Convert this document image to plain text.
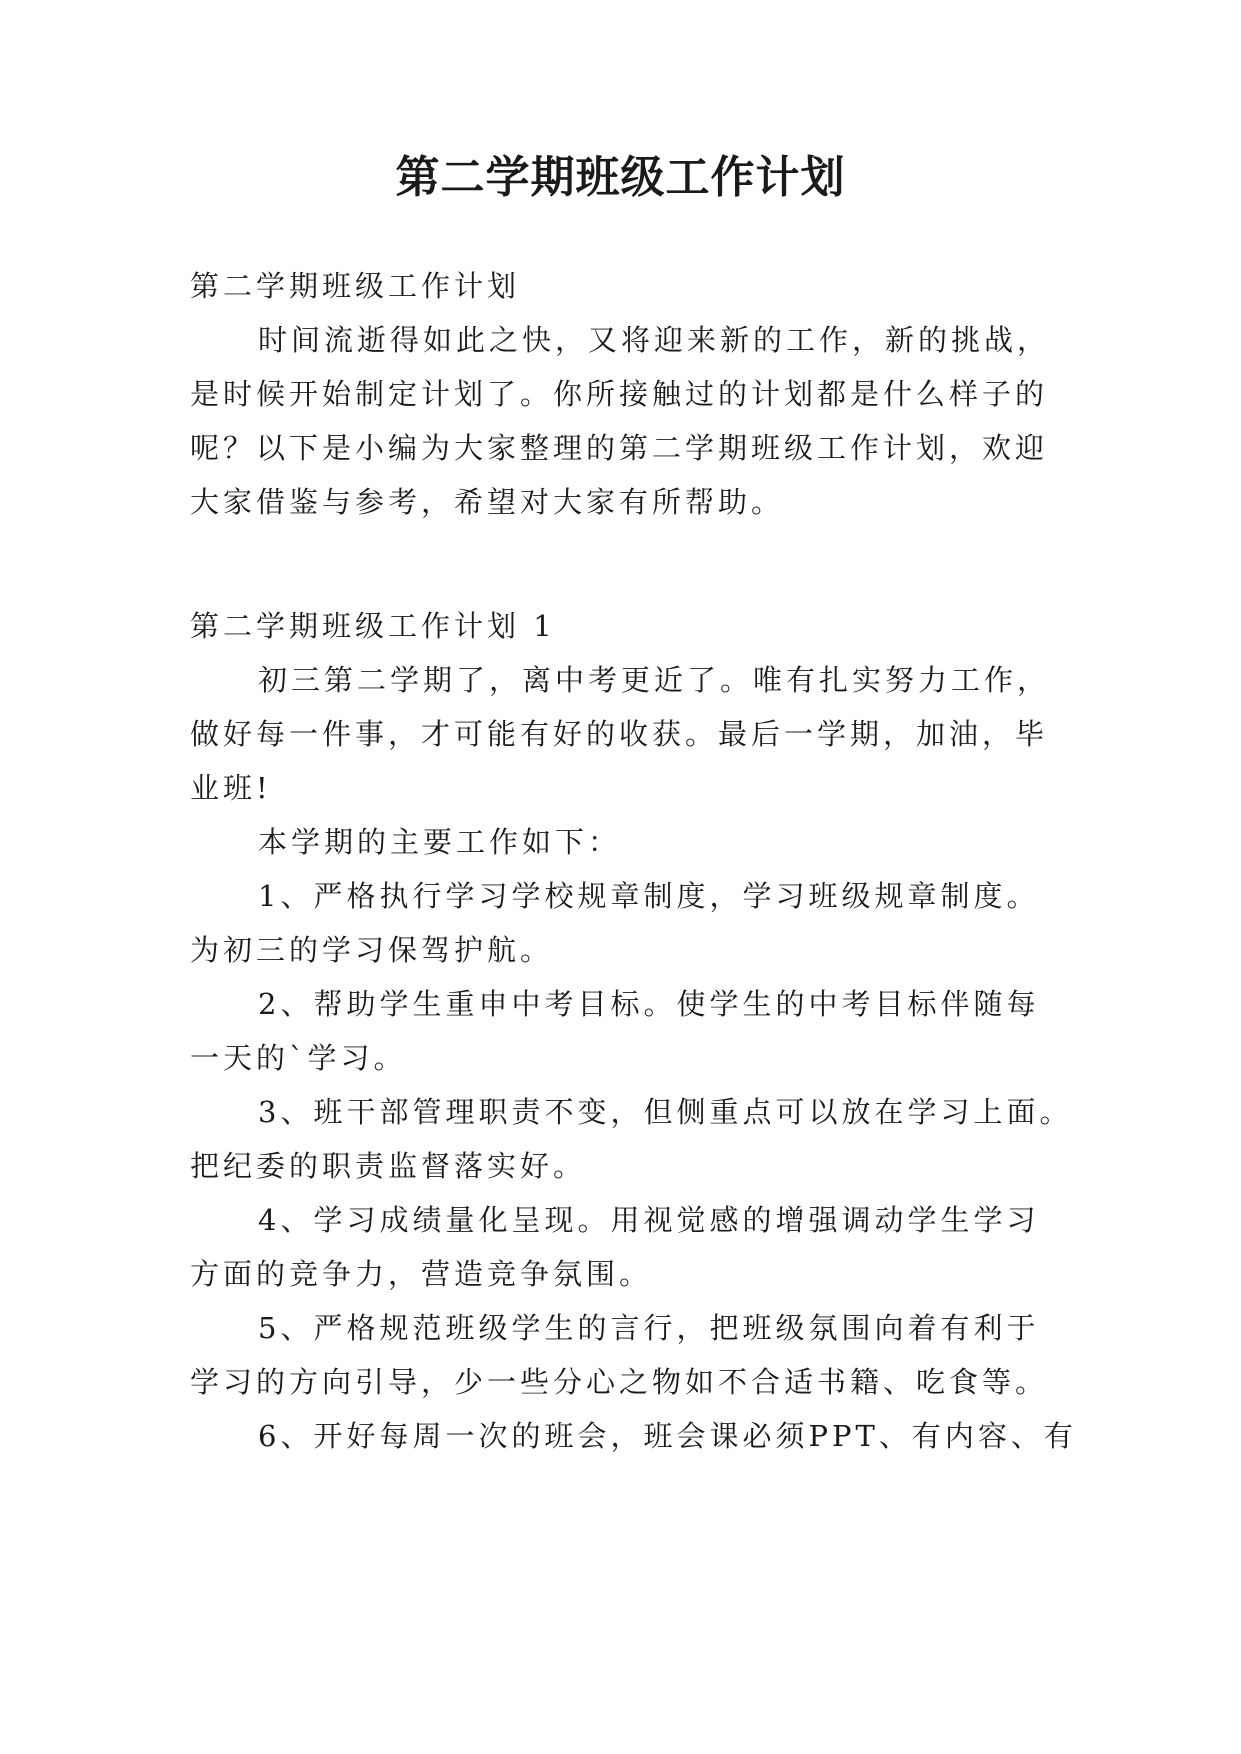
第二学期班级工作计划

第二学期班级工作计划

时间流逝得如此之快，又将迎来新的工作，新的挑战，

是时候开始制定计划了。你所接触过的计划都是什么样子的

呢？以下是小编为大家整理的第二学期班级工作计划，欢迎

大家借鉴与参考，希望对大家有所帮助。

第二学期班级工作计划 1

初三第二学期了，离中考更近了。唯有扎实努力工作，

做好每一件事，才可能有好的收获。最后一学期，加油，毕

业班!

本学期的主要工作如下：

1、严格执行学习学校规章制度，学习班级规章制度。

为初三的学习保驾护航。

2、帮助学生重申中考目标。使学生的中考目标伴随每

一天的`学习。

3、班干部管理职责不变，但侧重点可以放在学习上面。

把纪委的职责监督落实好。

4、学习成绩量化呈现。用视觉感的增强调动学生学习

方面的竞争力，营造竞争氛围。

5、严格规范班级学生的言行，把班级氛围向着有利于

学习的方向引导，少一些分心之物如不合适书籍、吃食等。

6、开好每周一次的班会，班会课必须PPT、有内容、有
